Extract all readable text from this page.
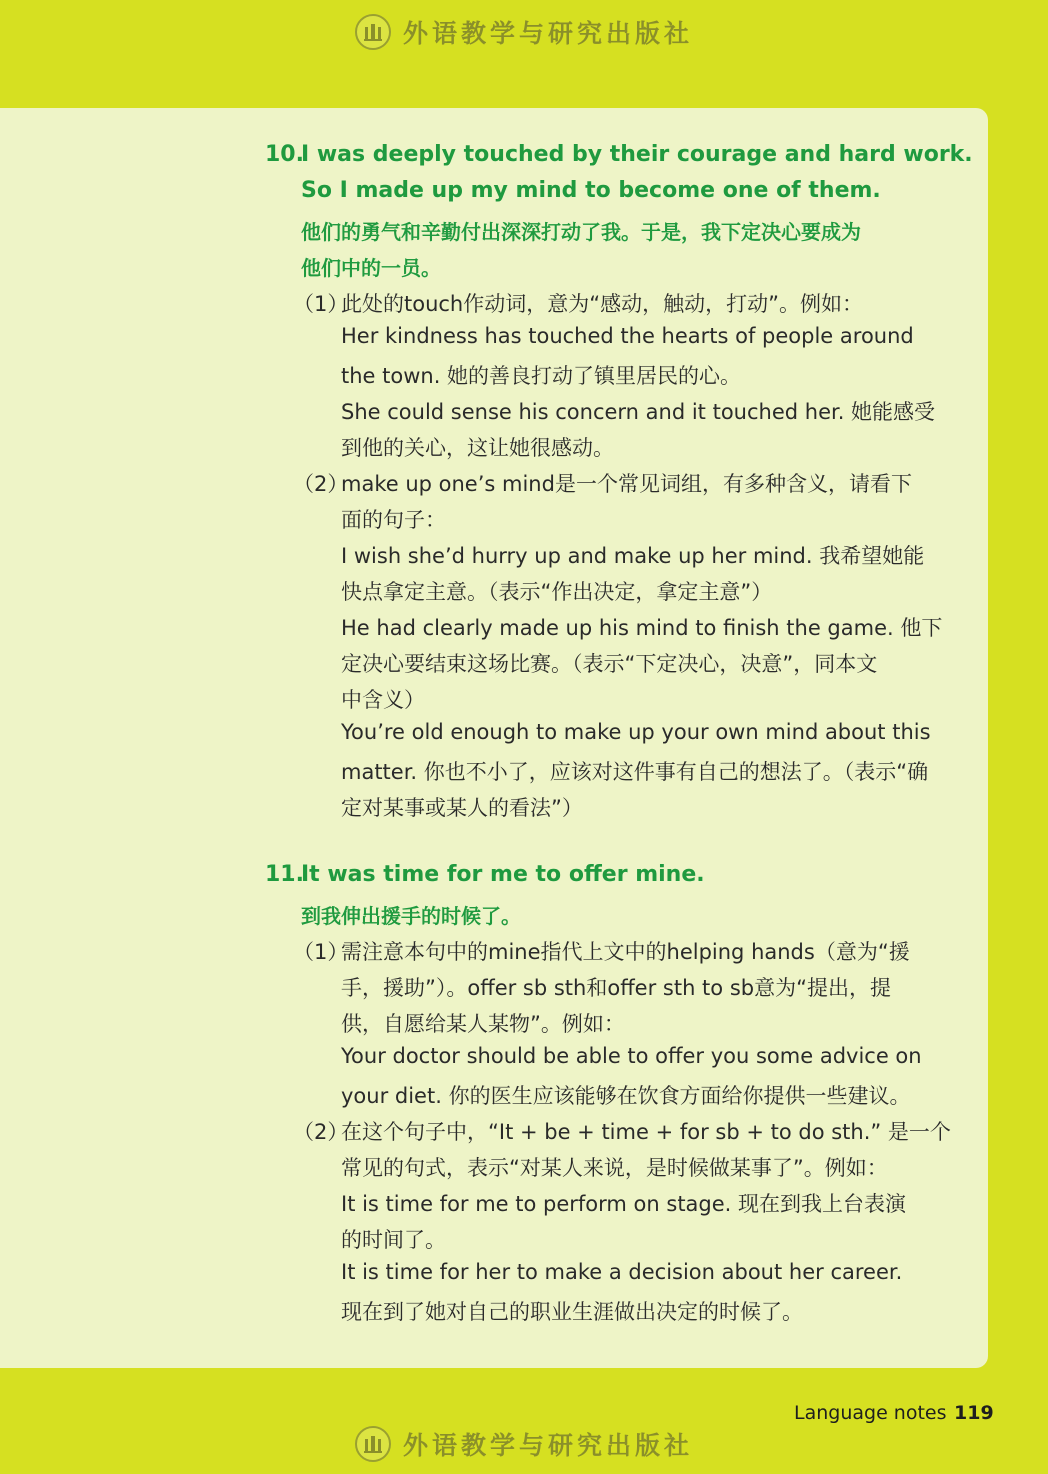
外语教学与研究出版社
10.
I was deeply touched by their courage and hard work.
So I made up my mind to become one of them.
他们的勇气和辛勤付出深深打动了我。于是，我下定决心要成为
他们中的一员。
（1）
此处的touch作动词，意为“感动，触动，打动”。例如：
Her kindness has touched the hearts of people around
the town. 她的善良打动了镇里居民的心。
She could sense his concern and it touched her. 她能感受
到他的关心，这让她很感动。
（2）
make up one’s mind是一个常见词组，有多种含义，请看下
面的句子：
I wish she’d hurry up and make up her mind. 我希望她能
快点拿定主意。（表示“作出决定，拿定主意”）
He had clearly made up his mind to finish the game. 他下
定决心要结束这场比赛。（表示“下定决心，决意”，同本文
中含义）
You’re old enough to make up your own mind about this
matter. 你也不小了，应该对这件事有自己的想法了。（表示“确
定对某事或某人的看法”）
11.
It was time for me to offer mine.
到我伸出援手的时候了。
（1）
需注意本句中的mine指代上文中的helping hands（意为“援
手，援助”）。offer sb sth和offer sth to sb意为“提出，提
供，自愿给某人某物”。例如：
Your doctor should be able to offer you some advice on
your diet. 你的医生应该能够在饮食方面给你提供一些建议。
（2）
在这个句子中，“It + be + time + for sb + to do sth.” 是一个
常见的句式，表示“对某人来说，是时候做某事了”。例如：
It is time for me to perform on stage. 现在到我上台表演
的时间了。
It is time for her to make a decision about her career.
现在到了她对自己的职业生涯做出决定的时候了。
Language notes 119
外语教学与研究出版社
